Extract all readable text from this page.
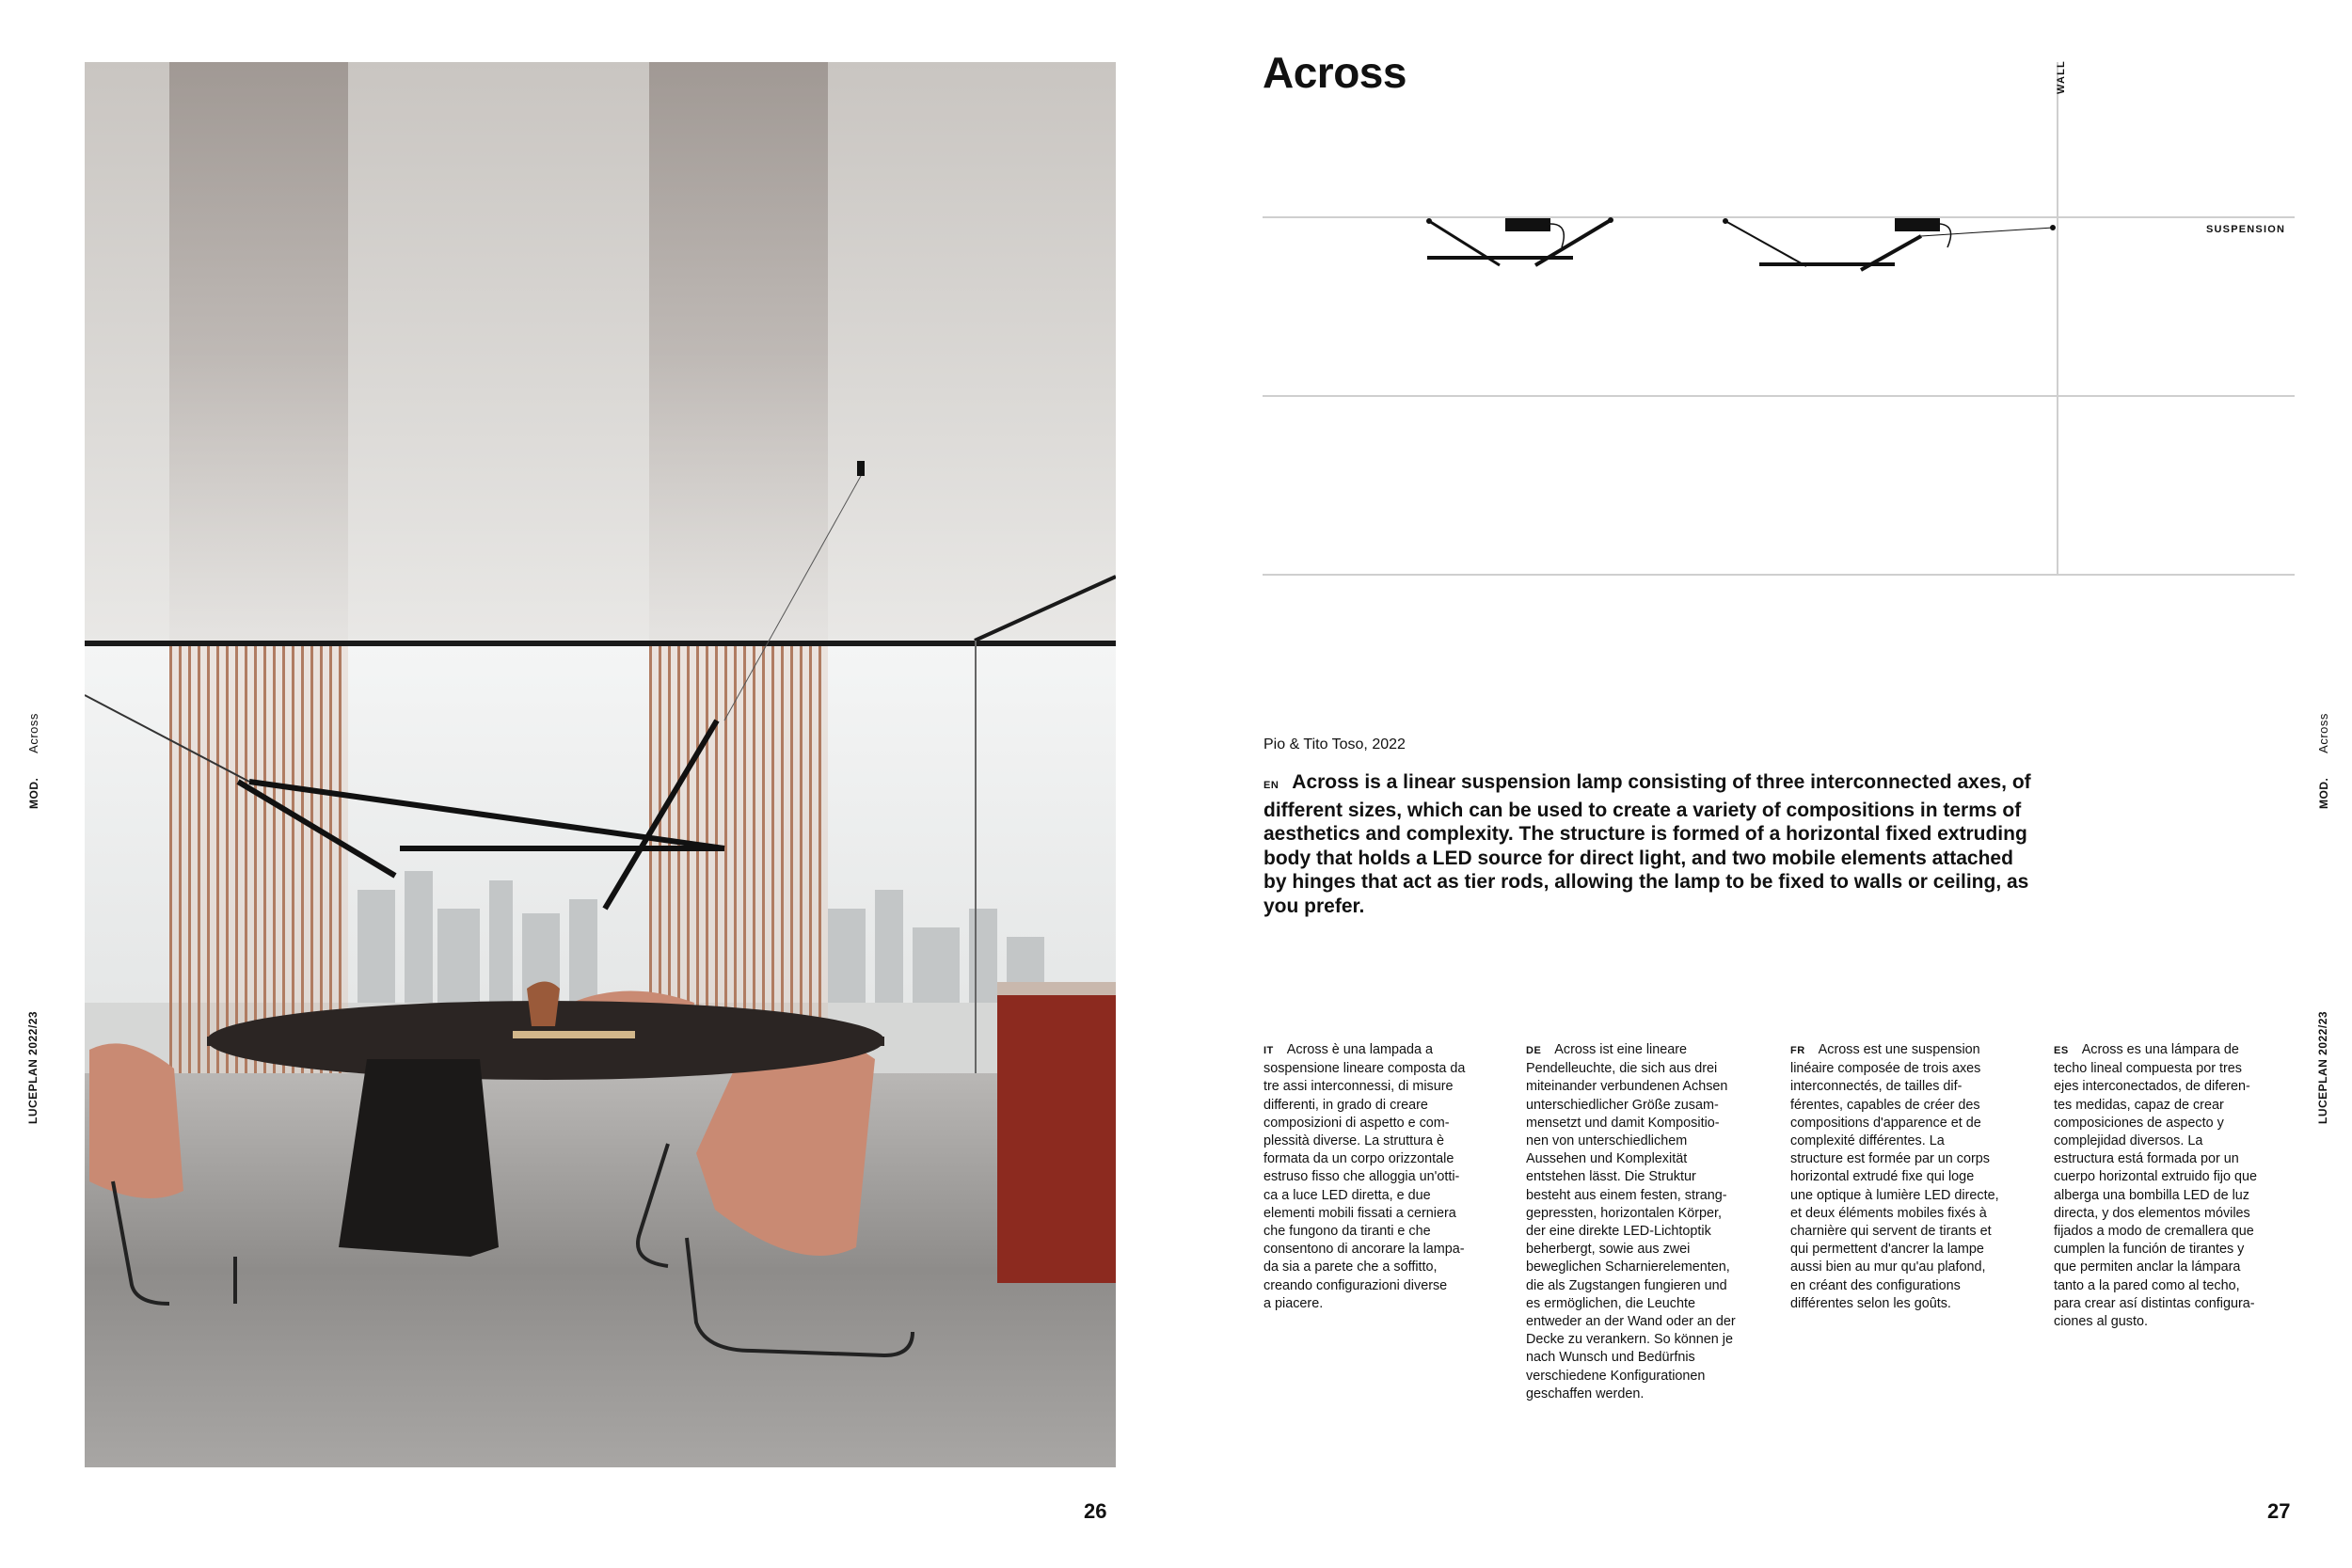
MOD. Across
LUCEPLAN 2022/23
26
Across	WALL
SUSPENSION
Pio & Tito Toso, 2022
EN Across is a linear suspension lamp consisting of three interconnected axes, of different sizes, which can be used to create a variety of compositions in terms of aesthetics and complexity. The structure is formed of a horizontal fixed extruding body that holds a LED source for direct light, and two mobile elements attached by hinges that act as tier rods, allowing the lamp to be fixed to walls or ceiling, as you prefer.
IT Across è una lampada a
sospensione lineare composta da
tre assi interconnessi, di misure
differenti, in grado di creare
composizioni di aspetto e com-
plessità diverse. La struttura è
formata da un corpo orizzontale
estruso fisso che alloggia un'otti-
ca a luce LED diretta, e due
elementi mobili fissati a cerniera
che fungono da tiranti e che
consentono di ancorare la lampa-
da sia a parete che a soffitto,
creando configurazioni diverse
a piacere.
DE Across ist eine lineare
Pendelleuchte, die sich aus drei
miteinander verbundenen Achsen
unterschiedlicher Größe zusam-
mensetzt und damit Kompositio-
nen von unterschiedlichem
Aussehen und Komplexität
entstehen lässt. Die Struktur
besteht aus einem festen, strang-
gepressten, horizontalen Körper,
der eine direkte LED-Lichtoptik
beherbergt, sowie aus zwei
beweglichen Scharnierelementen,
die als Zugstangen fungieren und
es ermöglichen, die Leuchte
entweder an der Wand oder an der
Decke zu verankern. So können je
nach Wunsch und Bedürfnis
verschiedene Konfigurationen
geschaffen werden.
FR Across est une suspension
linéaire composée de trois axes
interconnectés, de tailles dif-
férentes, capables de créer des
compositions d'apparence et de
complexité différentes. La
structure est formée par un corps
horizontal extrudé fixe qui loge
une optique à lumière LED directe,
et deux éléments mobiles fixés à
charnière qui servent de tirants et
qui permettent d'ancrer la lampe
aussi bien au mur qu'au plafond,
en créant des configurations
différentes selon les goûts.
ES Across es una lámpara de
techo lineal compuesta por tres
ejes interconectados, de diferen-
tes medidas, capaz de crear
composiciones de aspecto y
complejidad diversos. La
estructura está formada por un
cuerpo horizontal extruido fijo que
alberga una bombilla LED de luz
directa, y dos elementos móviles
fijados a modo de cremallera que
cumplen la función de tirantes y
que permiten anclar la lámpara
tanto a la pared como al techo,
para crear así distintas configura-
ciones al gusto.
MOD. Across
LUCEPLAN 2022/23
27
